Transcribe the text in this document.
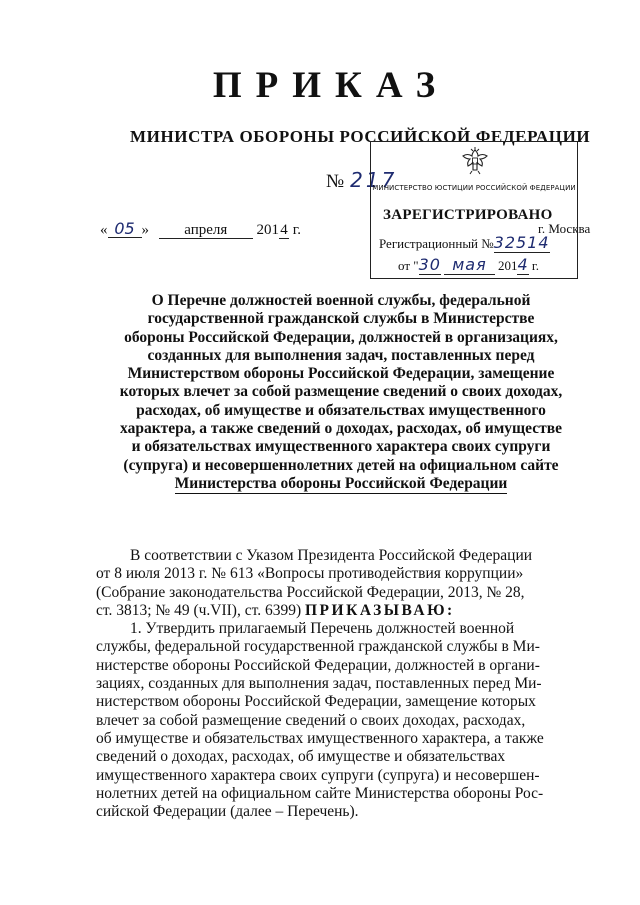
ПРИКАЗ
МИНИСТРА ОБОРОНЫ РОССИЙСКОЙ ФЕДЕРАЦИИ
№ 217
« 05 » апреля 2014 г.	г. Москва
МИНИСТЕРСТВО ЮСТИЦИИ РОССИЙСКОЙ ФЕДЕРАЦИИ
ЗАРЕГИСТРИРОВАНО
Регистрационный №32514
от "30 мая 2014 г.
О Перечне должностей военной службы, федеральной
государственной гражданской службы в Министерстве
обороны Российской Федерации, должностей в организациях,
созданных для выполнения задач, поставленных перед
Министерством обороны Российской Федерации, замещение
которых влечет за собой размещение сведений о своих доходах,
расходах, об имуществе и обязательствах имущественного
характера, а также сведений о доходах, расходах, об имуществе
и обязательствах имущественного характера своих супруги
(супруга) и несовершеннолетних детей на официальном сайте
Министерства обороны Российской Федерации
В соответствии с Указом Президента Российской Федерации
от 8 июля 2013 г. № 613 «Вопросы противодействия коррупции»
(Собрание законодательства Российской Федерации, 2013, № 28,
ст. 3813; № 49 (ч.VII), ст. 6399) ПРИКАЗЫВАЮ:
1. Утвердить прилагаемый Перечень должностей военной
службы, федеральной государственной гражданской службы в Ми-
нистерстве обороны Российской Федерации, должностей в органи-
зациях, созданных для выполнения задач, поставленных перед Ми-
нистерством обороны Российской Федерации, замещение которых
влечет за собой размещение сведений о своих доходах, расходах,
об имуществе и обязательствах имущественного характера, а также
сведений о доходах, расходах, об имуществе и обязательствах
имущественного характера своих супруги (супруга) и несовершен-
нолетних детей на официальном сайте Министерства обороны Рос-
сийской Федерации (далее – Перечень).
